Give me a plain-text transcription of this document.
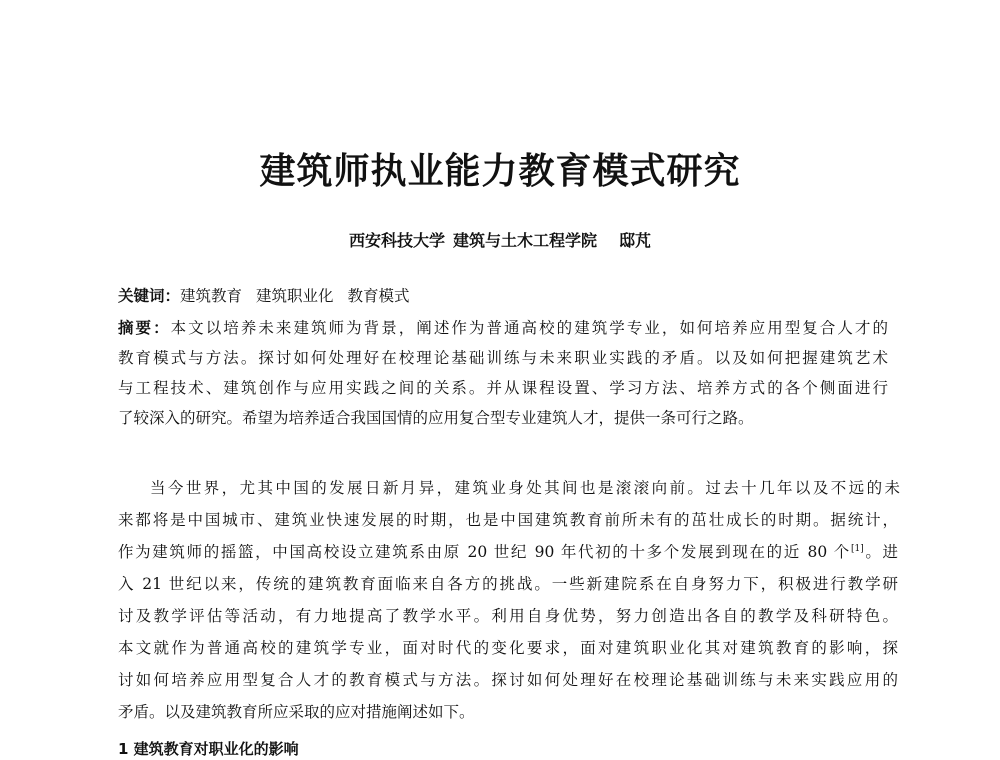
建筑师执业能力教育模式研究
西安科技大学 建筑与土木工程学院 邸芃
关键词：建筑教育 建筑职业化 教育模式
摘要：本文以培养未来建筑师为背景，阐述作为普通高校的建筑学专业，如何培养应用型复合人才的
教育模式与方法。探讨如何处理好在校理论基础训练与未来职业实践的矛盾。以及如何把握建筑艺术
与工程技术、建筑创作与应用实践之间的关系。并从课程设置、学习方法、培养方式的各个侧面进行
了较深入的研究。希望为培养适合我国国情的应用复合型专业建筑人才，提供一条可行之路。
当今世界，尤其中国的发展日新月异，建筑业身处其间也是滚滚向前。过去十几年以及不远的未
来都将是中国城市、建筑业快速发展的时期，也是中国建筑教育前所未有的茁壮成长的时期。据统计，
作为建筑师的摇篮，中国高校设立建筑系由原 20 世纪 90 年代初的十多个发展到现在的近 80 个[1]。进
入 21 世纪以来，传统的建筑教育面临来自各方的挑战。一些新建院系在自身努力下，积极进行教学研
讨及教学评估等活动，有力地提高了教学水平。利用自身优势，努力创造出各自的教学及科研特色。
本文就作为普通高校的建筑学专业，面对时代的变化要求，面对建筑职业化其对建筑教育的影响，探
讨如何培养应用型复合人才的教育模式与方法。探讨如何处理好在校理论基础训练与未来实践应用的
矛盾。以及建筑教育所应采取的应对措施阐述如下。
1 建筑教育对职业化的影响
